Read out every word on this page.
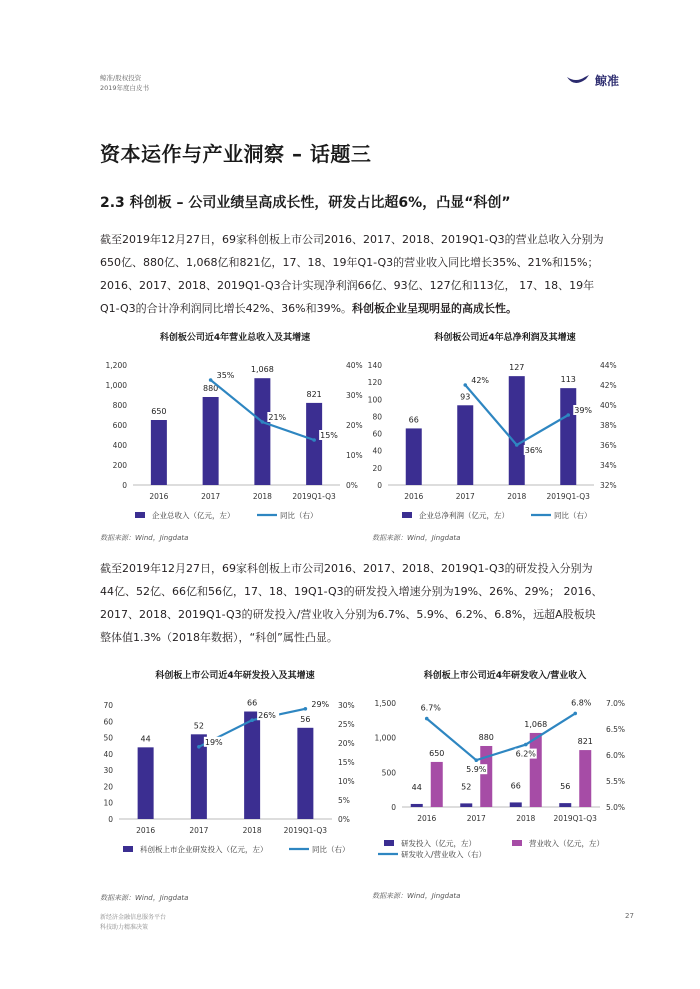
鲸准/股权投资
2019年度白皮书	鲸准
资本运作与产业洞察 – 话题三
2.3 科创板 – 公司业绩呈高成长性，研发占比超6%，凸显“科创”

截至2019年12月27日，69家科创板上市公司2016、2017、2018、2019Q1-Q3的营业总收入分别为650亿、880亿、1,068亿和821亿，17、18、19年Q1-Q3的营业收入同比增长35%、21%和15%；2016、2017、2018、2019Q1-Q3合计实现净利润66亿、93亿、127亿和113亿， 17、18、19年Q1-Q3的合计净利润同比增长42%、36%和39%。科创板企业呈现明显的高成长性。

科创板公司近4年营业总收入及其增速
0
200
400
600
800
1,000
1,200
0%
10%
20%
30%
40%
2016	2017	2018	2019Q1-Q3
650
880
1,068
821
35%
21%
15%
企业总收入（亿元，左）	同比（右）
数据来源：Wind，Jingdata
科创板公司近4年总净利润及其增速
0
20
40
60
80
100
120
140
32%
34%
36%
38%
40%
42%
44%
2016	2017	2018	2019Q1-Q3
66
93
127
113
42%
36%
39%
企业总净利润（亿元，左）	同比（右）
数据来源：Wind，Jingdata

截至2019年12月27日，69家科创板上市公司2016、2017、2018、2019Q1-Q3的研发投入分别为44亿、52亿、66亿和56亿，17、18、19Q1-Q3的研发投入增速分别为19%、26%、29%； 2016、2017、2018、2019Q1-Q3的研发投入/营业收入分别为6.7%、5.9%、6.2%、6.8%，远超A股板块整体值1.3%（2018年数据），“科创”属性凸显。

科创板上市公司近4年研发投入及其增速
0
10
20
30
40
50
60
70
0%
5%
10%
15%
20%
25%
30%
2016	2017	2018	2019Q1-Q3
44
52
66
56
19%
26%
29%
科创板上市企业研发投入（亿元，左）	同比（右）
数据来源：Wind，Jingdata
科创板上市公司近4年研发收入/营业收入
0
500
1,000
1,500
5.0%
5.5%
6.0%
6.5%
7.0%
2016	2017	2018 2019Q1-Q3
44	52	66	56
650
880
1,068
821
6.7%
5.9%
6.2%
6.8%
研发投入（亿元，左）	营业收入（亿元，左）
研发收入/营业收入（右）
数据来源：Wind，Jingdata
新经济金融信息服务平台
科技助力精准决策
27
